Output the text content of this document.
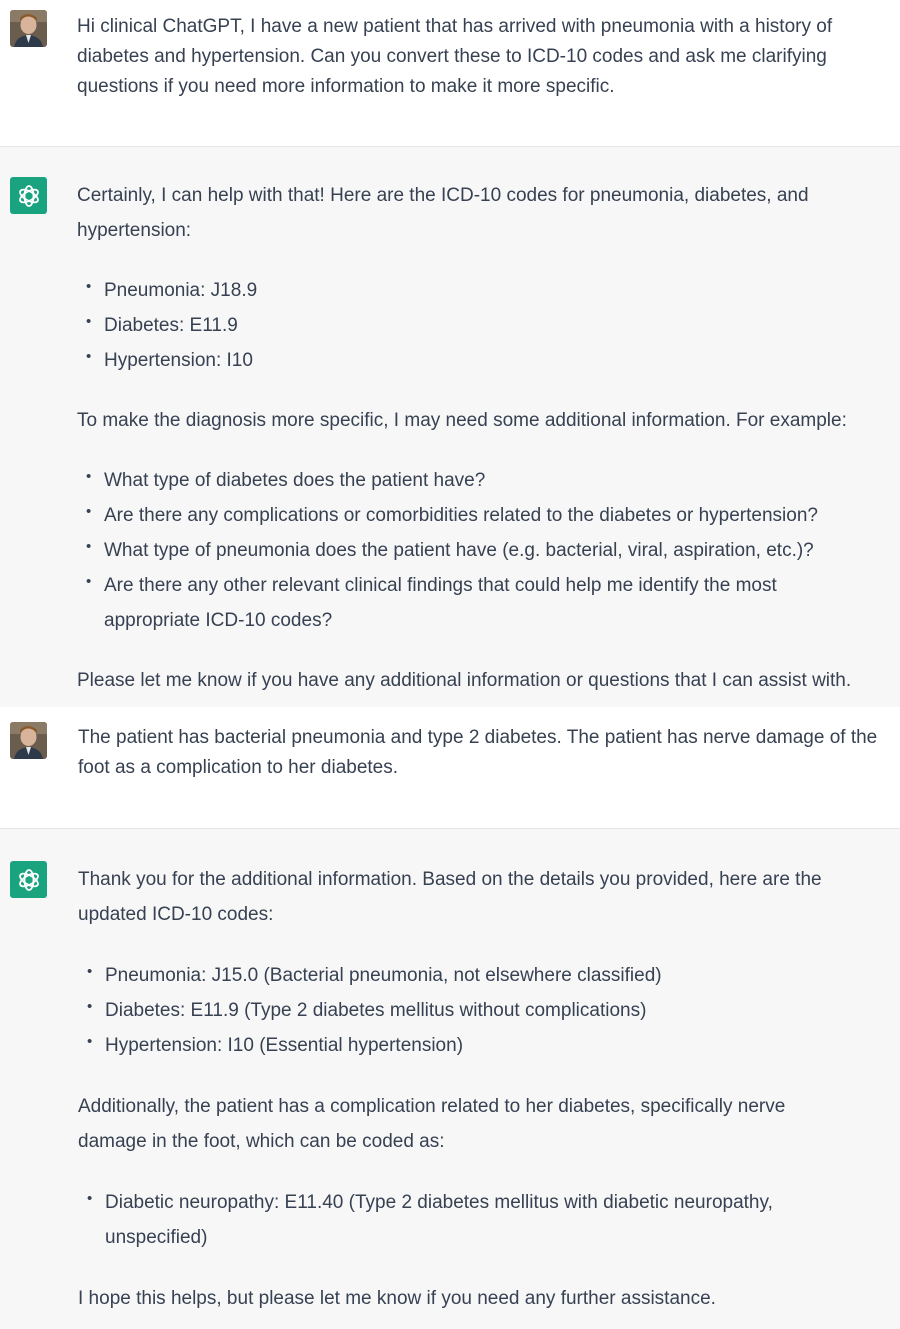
Hi clinical ChatGPT, I have a new patient that has arrived with pneumonia with a history of diabetes and hypertension. Can you convert these to ICD-10 codes and ask me clarifying questions if you need more information to make it more specific.

Certainly, I can help with that! Here are the ICD-10 codes for pneumonia, diabetes, and hypertension:

• Pneumonia: J18.9
• Diabetes: E11.9
• Hypertension: I10

To make the diagnosis more specific, I may need some additional information. For example:

• What type of diabetes does the patient have?
• Are there any complications or comorbidities related to the diabetes or hypertension?
• What type of pneumonia does the patient have (e.g. bacterial, viral, aspiration, etc.)?
• Are there any other relevant clinical findings that could help me identify the most appropriate ICD-10 codes?

Please let me know if you have any additional information or questions that I can assist with.

The patient has bacterial pneumonia and type 2 diabetes. The patient has nerve damage of the foot as a complication to her diabetes.

Thank you for the additional information. Based on the details you provided, here are the updated ICD-10 codes:

• Pneumonia: J15.0 (Bacterial pneumonia, not elsewhere classified)
• Diabetes: E11.9 (Type 2 diabetes mellitus without complications)
• Hypertension: I10 (Essential hypertension)

Additionally, the patient has a complication related to her diabetes, specifically nerve damage in the foot, which can be coded as:

• Diabetic neuropathy: E11.40 (Type 2 diabetes mellitus with diabetic neuropathy, unspecified)

I hope this helps, but please let me know if you need any further assistance.
